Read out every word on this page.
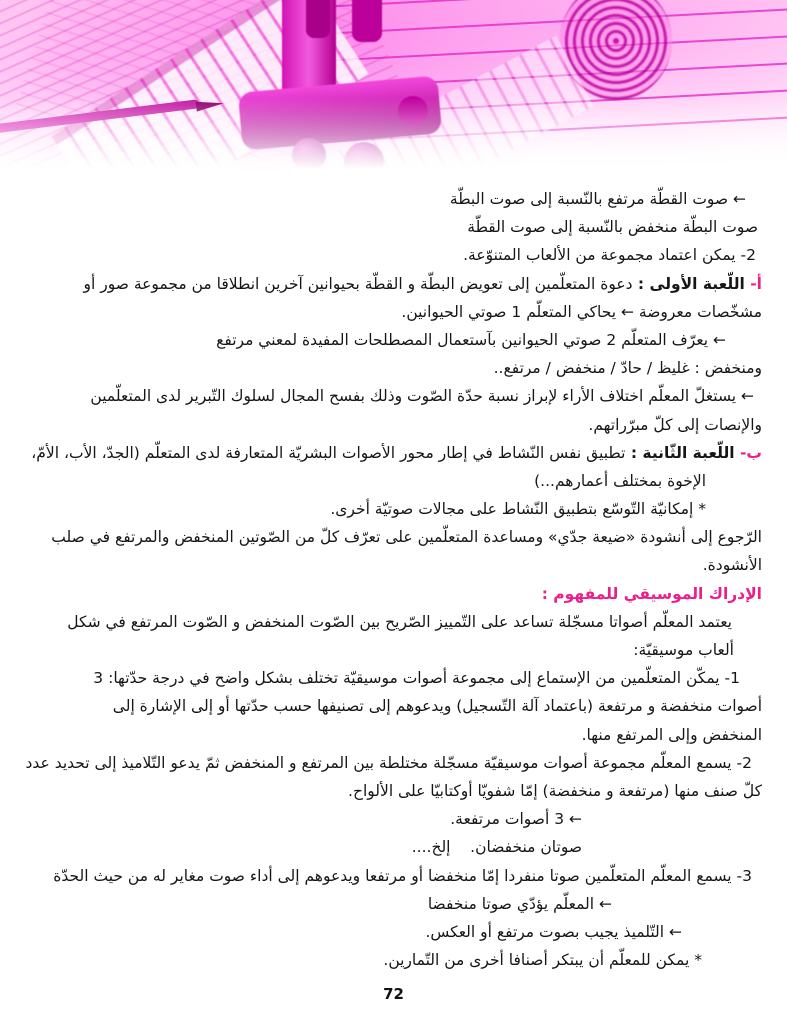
← صوت القطّة مرتفع بالنّسبة إلى صوت البطّة
صوت البطّة منخفض بالنّسبة إلى صوت القطّة
2- يمكن اعتماد مجموعة من الألعاب المتنوّعة.
أ- اللّعبة الأولى : دعوة المتعلّمين إلى تعويض البطّة و القطّة بحيوانين آخرين انطلاقا من مجموعة صور أو
مشخّصات معروضة ← يحاكي المتعلّم 1 صوتي الحيوانين.
← يعرّف المتعلّم 2 صوتي الحيوانين بآستعمال المصطلحات المفيدة لمعني مرتفع
ومنخفض : غليظ / حادّ / منخفض / مرتفع..
← يستغلّ المعلّم اختلاف الأراء لإبراز نسبة حدّة الصّوت وذلك بفسح المجال لسلوك التّبرير لدى المتعلّمين
والإنصات إلى كلّ مبرّراتهم.
ب- اللّعبة الثّانية : تطبيق نفس النّشاط في إطار محور الأصوات البشريّة المتعارفة لدى المتعلّم (الجدّ، الأب، الأمّ،
الإخوة بمختلف أعمارهم...)
* إمكانيّة التّوسّع بتطبيق النّشاط على مجالات صوتيّة أخرى.
الرّجوع إلى أنشودة «ضيعة جدّي» ومساعدة المتعلّمين على تعرّف كلّ من الصّوتين المنخفض والمرتفع في صلب
الأنشودة.
الإدراك الموسيقي للمفهوم :
يعتمد المعلّم أصواتا مسجّلة تساعد على التّمييز الصّريح بين الصّوت المنخفض و الصّوت المرتفع في شكل
ألعاب موسيقيّة:
1- يمكّن المتعلّمين من الإستماع إلى مجموعة أصوات موسيقيّة تختلف بشكل واضح في درجة حدّتها: 3
أصوات منخفضة و مرتفعة (باعتماد آلة التّسجيل) ويدعوهم إلى تصنيفها حسب حدّتها أو إلى الإشارة إلى
المنخفض وإلى المرتفع منها.
2- يسمع المعلّم مجموعة أصوات موسيقيّة مسجّلة مختلطة بين المرتفع و المنخفض ثمّ يدعو التّلاميذ إلى تحديد عدد
كلّ صنف منها (مرتفعة و منخفضة) إمّا شفويّا أوكتابيّا على الألواح.
← 3 أصوات مرتفعة.
صوتان منخفضان.    إلخ....
3- يسمع المعلّم المتعلّمين صوتا منفردا إمّا منخفضا أو مرتفعا ويدعوهم إلى أداء صوت مغاير له من حيث الحدّة
← المعلّم يؤدّي صوتا منخفضا
← التّلميذ يجيب بصوت مرتفع أو العكس.
* يمكن للمعلّم أن يبتكر أصنافا أخرى من التّمارين.
72
